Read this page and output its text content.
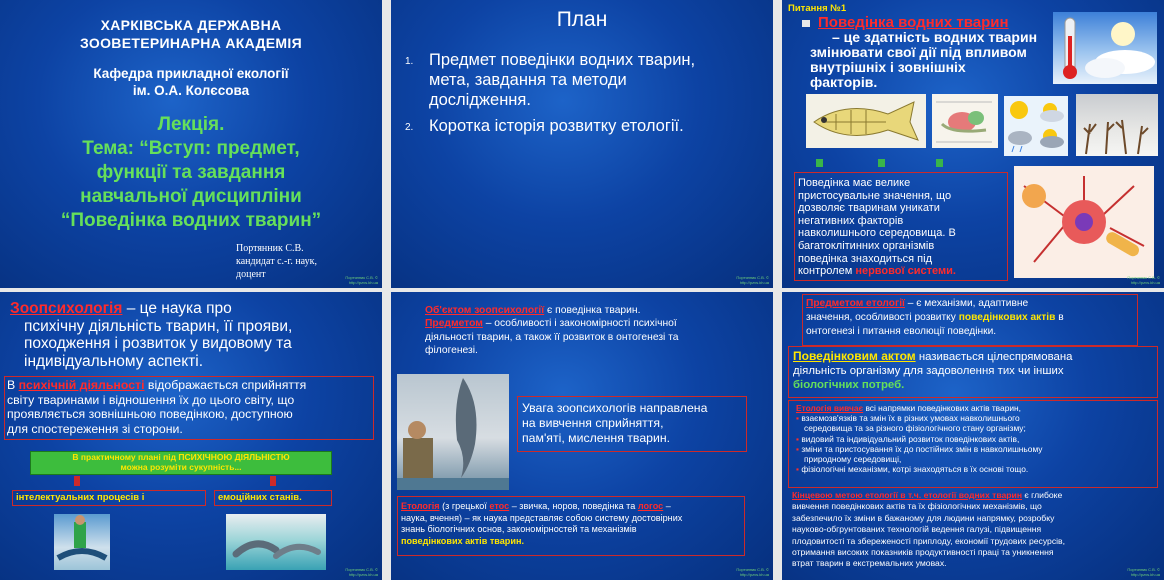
ХАРКІВСЬКА ДЕРЖАВНА
ЗООВЕТЕРИНАРНА АКАДЕМІЯ
Кафедра прикладної екології
ім. О.А. Колєсова
Лекція.
Тема: “Вступ: предмет,
функції та завдання
навчальної дисципліни
“Поведінка водних тварин”
Портянник С.В.
кандидат с.-г. наук,
доцент	Портянник С.В. ©
http://pzvs.kh.ua
План
1. Предмет поведінки водних тварин,
мета, завдання та методи
дослідження.
2. Коротка історія розвитку етології.
Портянник С.В. ©
http://pzvs.kh.ua
Питання №1
Поведінка водних тварин
– це здатність водних тварин
змінювати свої дії під впливом
внутрішніх і зовнішніх
факторів.
Поведінка має велике
пристосувальне значення, що
дозволяє тваринам уникати
негативних факторів
навколишнього середовища. В
багатоклітинних організмів
поведінка знаходиться під
контролем нервової системи.
Портянник С.В. ©
http://pzvs.kh.ua
Зоопсихологія – це наука про
психічну діяльність тварин, її прояви,
походження і розвиток у видовому та
індивідуальному аспекті.
В психічній діяльності відображається сприйняття
світу тваринами і відношення їх до цього світу, що
проявляється зовнішньою поведінкою, доступною
для спостереження зі сторони.
В практичному плані під ПСИХІЧНОЮ ДІЯЛЬНІСТЮ
можна розуміти сукупність...
інтелектуальних процесів і	емоційних станів.
Портянник С.В. ©
http://pzvs.kh.ua
Об'єктом зоопсихології є поведінка тварин.
Предметом – особливості і закономірності психічної
діяльності тварин, а також її розвиток в онтогенезі та
філогенезі.
Увага зоопсихологів направлена
на вивчення сприйняття,
пам'яті, мислення тварин.
Етологія (з грецької етос – звичка, норов, поведінка та логос –
наука, вчення) – як наука представляє собою систему достовірних
знань біологічних основ, закономірностей та механізмів
поведінкових актів тварин.
Портянник С.В. ©
http://pzvs.kh.ua
Предметом етології – є механізми, адаптивне
значення, особливості розвитку поведінкових актів в
онтогенезі і питання еволюції поведінки.
Поведінковим актом називається цілеспрямована
діяльність організму для задоволення тих чи інших
біологічних потреб.
Етологія вивчає всі напрямки поведінкових актів тварин,
▪ взаємозв'язків та змін їх в різних умовах навколишнього
середовища та за різного фізіологічного стану організму;
▪ видовий та індивідуальний розвиток поведінкових актів,
▪ зміни та пристосування їх до постійних змін в навколишньому
природному середовищі,
▪ фізіологічні механізми, котрі знаходяться в їх основі тощо.
Кінцевою метою етології в т.ч. етології водних тварин є глибоке
вивчення поведінкових актів та їх фізіологічних механізмів, що
забезпечило їх зміни в бажаному для людини напрямку, розробку
науково-обгрунтованих технологій ведення галузі, підвищення
плодовитості та збереженості приплоду, економії трудових ресурсів,
отримання високих показників продуктивності праці та уникнення
втрат тварин в екстремальних умовах.
Портянник С.В. ©
http://pzvs.kh.ua
